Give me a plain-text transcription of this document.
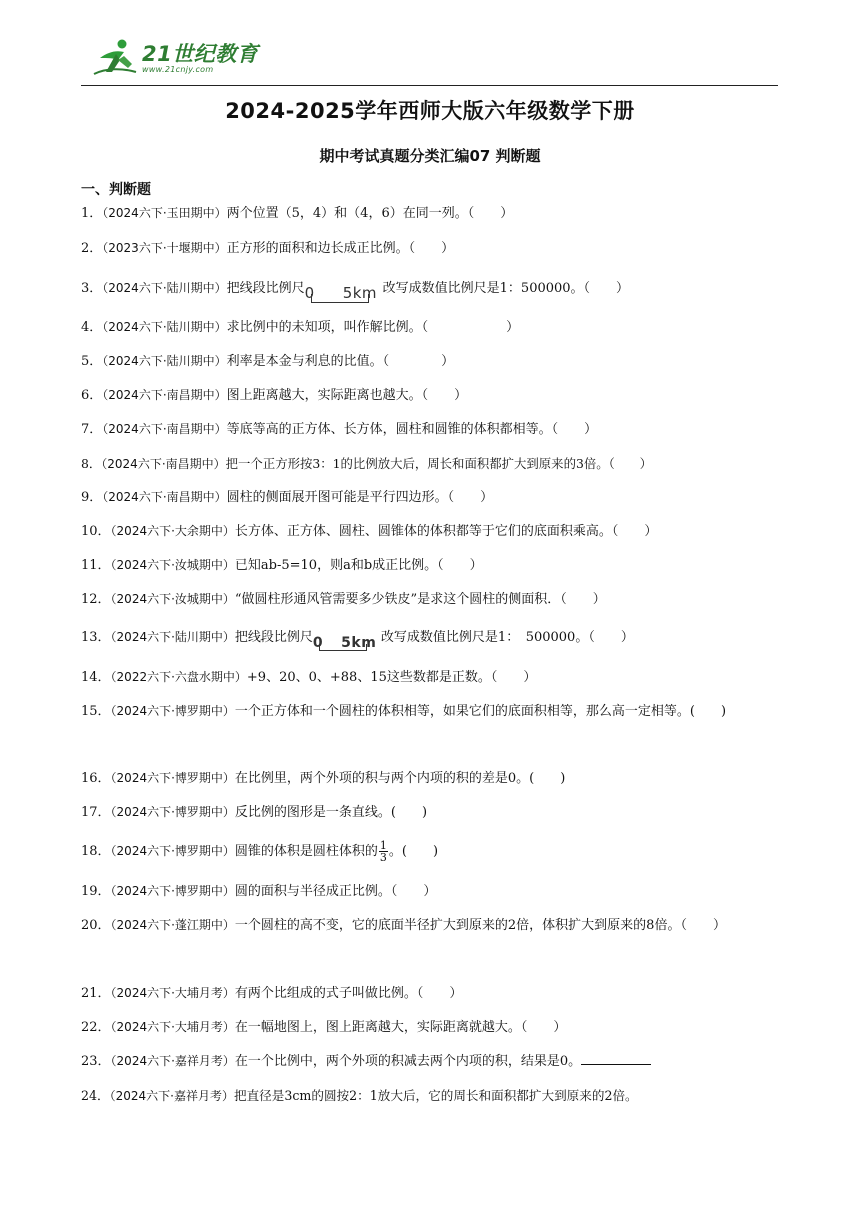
21世纪教育
www.21cnjy.com
2024-2025学年西师大版六年级数学下册
期中考试真题分类汇编07 判断题
一、判断题
1．（2024六下·玉田期中）两个位置（5，4）和（4，6）在同一列。（　　）
2．（2023六下·十堰期中）正方形的面积和边长成正比例。（　　）
3．（2024六下·陆川期中）把线段比例尺0 5km 改写成数值比例尺是1：500000。（　　）
4．（2024六下·陆川期中）求比例中的未知项，叫作解比例。（　　　　　　）
5．（2024六下·陆川期中）利率是本金与利息的比值。（　　　　）
6．（2024六下·南昌期中）图上距离越大，实际距离也越大。（　　）
7．（2024六下·南昌期中）等底等高的正方体、长方体，圆柱和圆锥的体积都相等。（　　）
8．（2024六下·南昌期中）把一个正方形按3：1的比例放大后，周长和面积都扩大到原来的3倍。（　　）
9．（2024六下·南昌期中）圆柱的侧面展开图可能是平行四边形。（　　）
10．（2024六下·大余期中）长方体、正方体、圆柱、圆锥体的体积都等于它们的底面积乘高。（　　）
11．（2024六下·汝城期中）已知ab-5=10，则a和b成正比例。（　　）
12．（2024六下·汝城期中）“做圆柱形通风管需要多少铁皮”是求这个圆柱的侧面积．（　　）
13．（2024六下·陆川期中）把线段比例尺0 5km 改写成数值比例尺是1：　500000。（　　）
14．（2022六下·六盘水期中）+9、20、0、+88、15这些数都是正数。（　　）
15．（2024六下·博罗期中）一个正方体和一个圆柱的体积相等，如果它们的底面积相等，那么高一定相等。(　　)
16．（2024六下·博罗期中）在比例里，两个外项的积与两个内项的积的差是0。(　　)
17．（2024六下·博罗期中）反比例的图形是一条直线。(　　)
18．（2024六下·博罗期中）圆锥的体积是圆柱体积的 $\frac{1}{3}$ 。(　　)
19．（2024六下·博罗期中）圆的面积与半径成正比例。（　　）
20．（2024六下·蓬江期中）一个圆柱的高不变，它的底面半径扩大到原来的2倍，体积扩大到原来的8倍。（　　）
21．（2024六下·大埔月考）有两个比组成的式子叫做比例。（　　）
22．（2024六下·大埔月考）在一幅地图上，图上距离越大，实际距离就越大。（　　）
23．（2024六下·嘉祥月考）在一个比例中，两个外项的积减去两个内项的积，结果是0。
24．（2024六下·嘉祥月考）把直径是3cm的圆按2：1放大后，它的周长和面积都扩大到原来的2倍。
